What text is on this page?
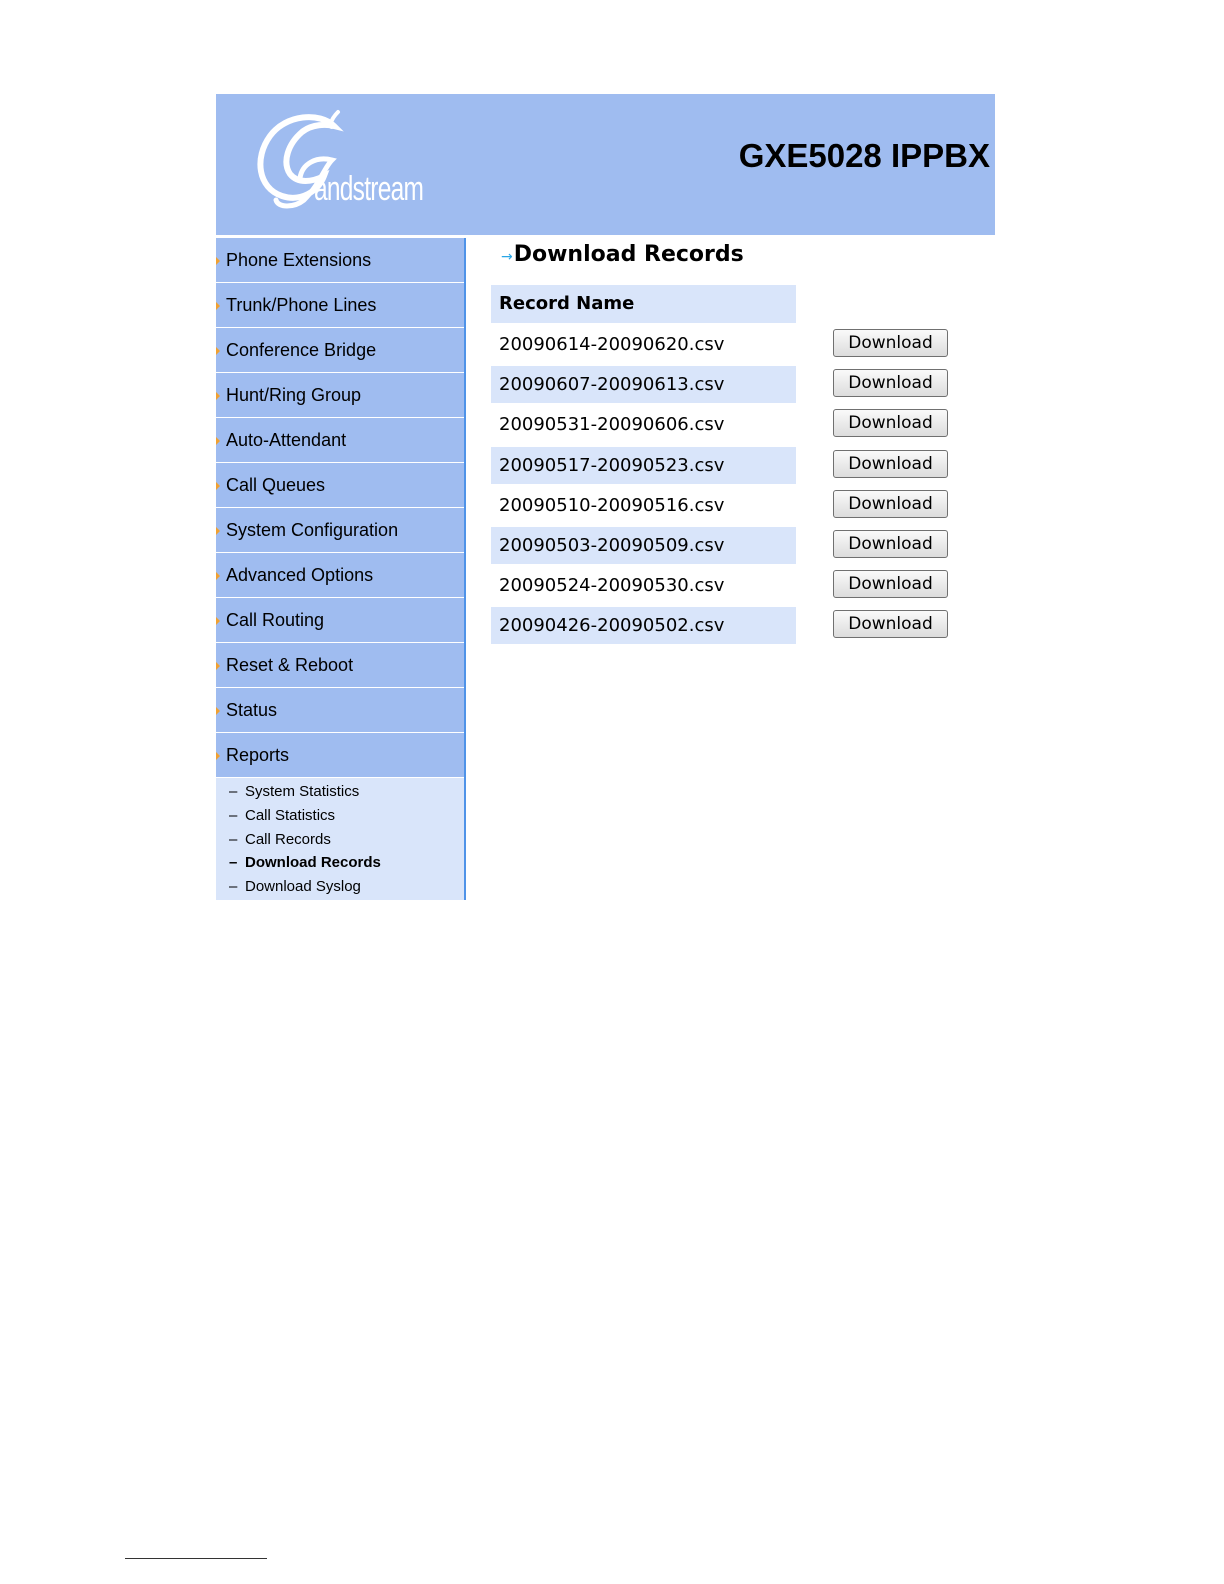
andstream
GXE5028 IPPBX
Phone Extensions
Trunk/Phone Lines
Conference Bridge
Hunt/Ring Group
Auto-Attendant
Call Queues
System Configuration
Advanced Options
Call Routing
Reset & Reboot
Status
Reports
– System Statistics
– Call Statistics
– Call Records
– Download Records
– Download Syslog
→Download Records
Record Name
20090614-20090620.csv	Download
20090607-20090613.csv	Download
20090531-20090606.csv	Download
20090517-20090523.csv	Download
20090510-20090516.csv	Download
20090503-20090509.csv	Download
20090524-20090530.csv	Download
20090426-20090502.csv	Download
